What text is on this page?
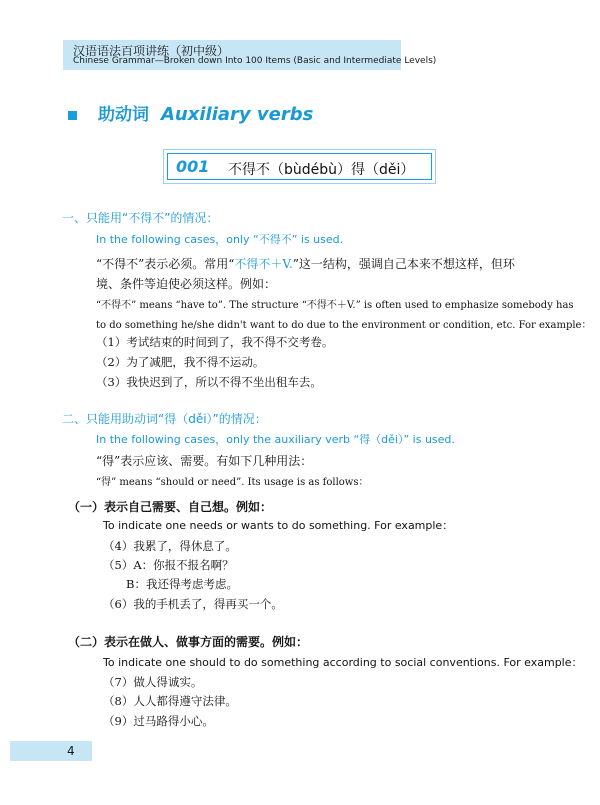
汉语语法百项讲练（初中级）
Chinese Grammar—Broken down Into 100 Items (Basic and Intermediate Levels)
助动词 Auxiliary verbs
001 不得不（bùdébù）得（děi）
一、只能用“不得不”的情况：
In the following cases，only “不得不” is used.
“不得不”表示必须。常用“不得不＋V.”这一结构，强调自己本来不想这样，但环
境、条件等迫使必须这样。例如：
“不得不” means “have to”. The structure “不得不＋V.” is often used to emphasize somebody has
to do something he/she didn't want to do due to the environment or condition, etc. For example：
（1）考试结束的时间到了，我不得不交考卷。
（2）为了减肥，我不得不运动。
（3）我快迟到了，所以不得不坐出租车去。
二、只能用助动词“得（děi）”的情况：
In the following cases，only the auxiliary verb “得（děi）” is used.
“得”表示应该、需要。有如下几种用法：
“得” means “should or need”. Its usage is as follows：
（一）表示自己需要、自己想。例如：
To indicate one needs or wants to do something. For example：
（4）我累了，得休息了。
（5）A：你报不报名啊？
B：我还得考虑考虑。
（6）我的手机丢了，得再买一个。
（二）表示在做人、做事方面的需要。例如：
To indicate one should to do something according to social conventions. For example：
（7）做人得诚实。
（8）人人都得遵守法律。
（9）过马路得小心。
4
